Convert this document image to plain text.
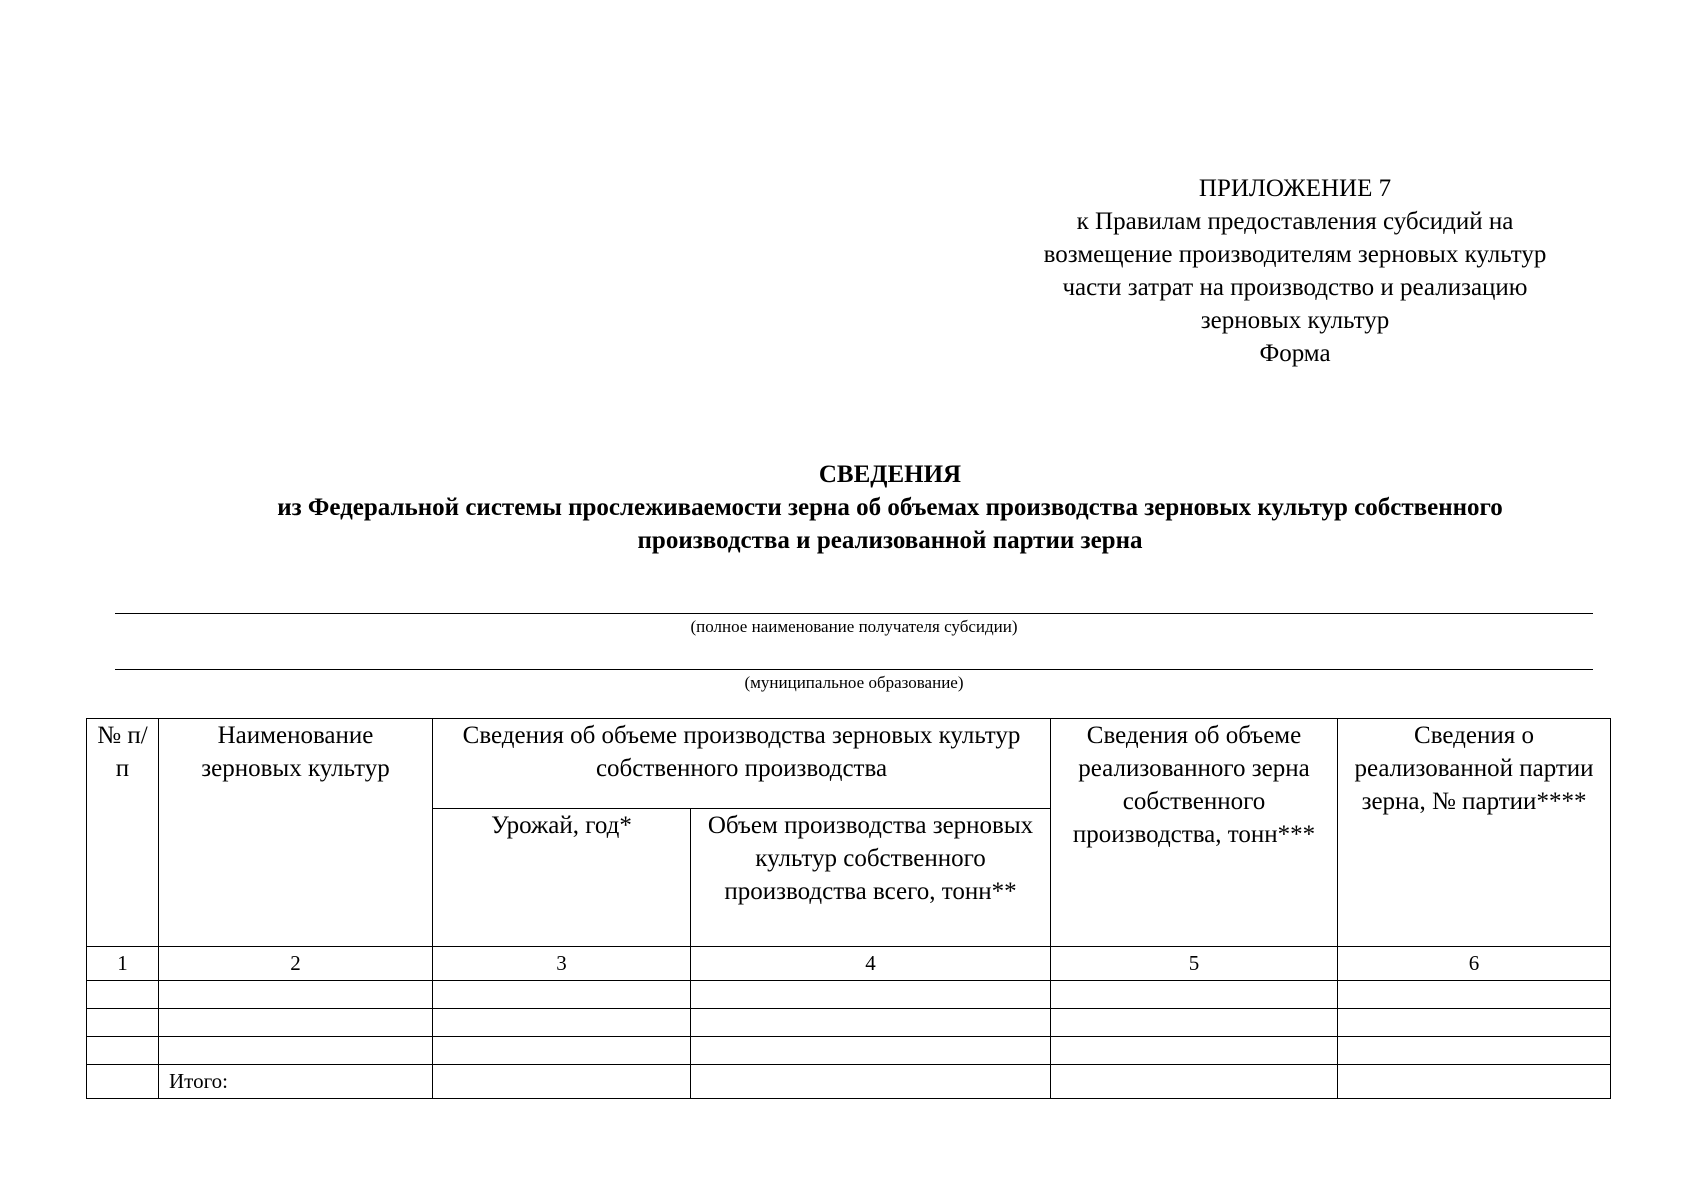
ПРИЛОЖЕНИЕ 7
к Правилам предоставления субсидий на
возмещение производителям зерновых культур
части затрат на производство и реализацию
зерновых культур
Форма
СВЕДЕНИЯ
из Федеральной системы прослеживаемости зерна об объемах производства зерновых культур собственного
производства и реализованной партии зерна
(полное наименование получателя субсидии)
(муниципальное образование)
№ п/п	Наименование зерновых культур	Сведения об объеме производства зерновых культур собственного производства		Сведения об объеме реализованного зерна собственного производства, тонн***	Сведения о реализованной партии зерна, № партии****
		Урожай, год*	Объем производства зерновых культур собственного производства всего, тонн**		
1	2	3	4	5	6

	Итого:				
